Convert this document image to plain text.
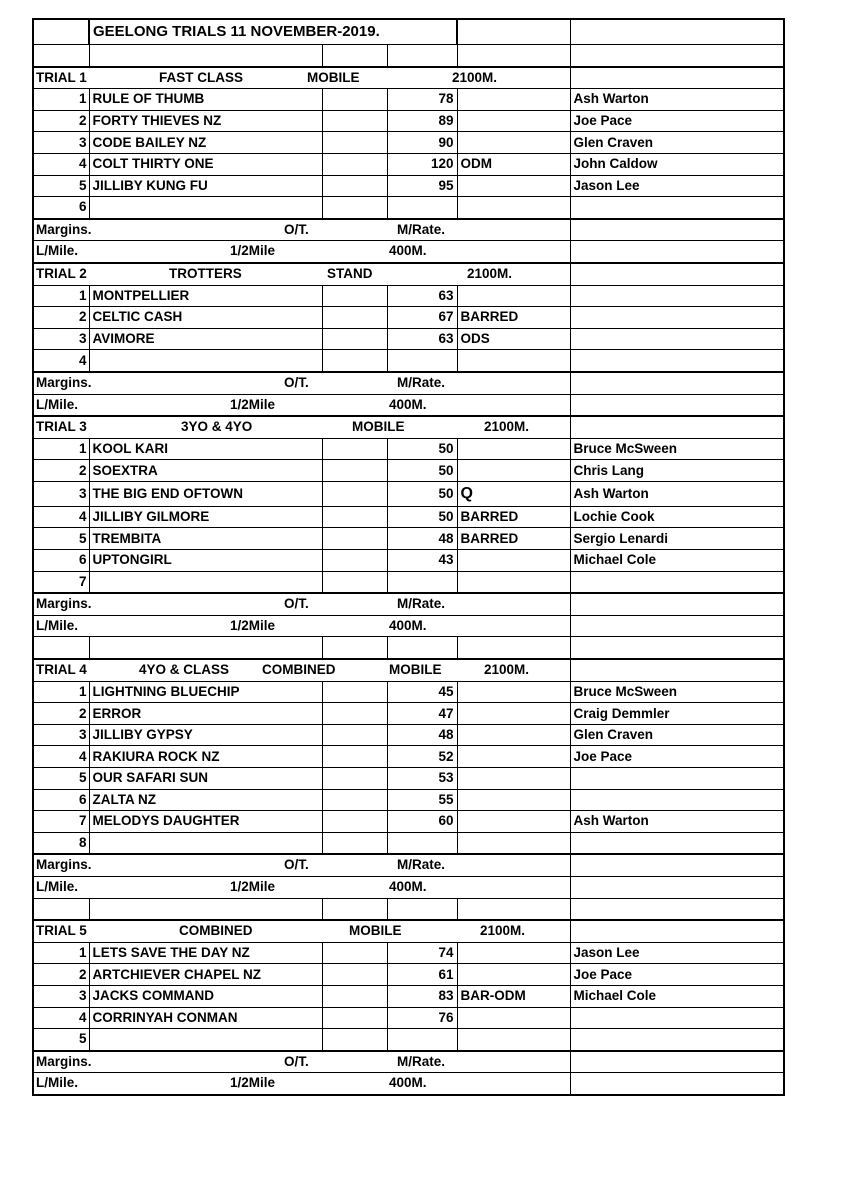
	GEELONG TRIALS 11 NOVEMBER-2019.				

TRIAL 1 FAST CLASS MOBILE 2100M.					

1	RULE OF THUMB		78		Ash Warton
2	FORTY THIEVES NZ		89		Joe Pace
3	CODE BAILEY NZ		90		Glen Craven
4	COLT THIRTY ONE		120	ODM	John Caldow
5	JILLIBY KUNG FU		95		Jason Lee
6					

Margins. O/T. M/Rate.					

L/Mile. 1/2Mile 400M.					

TRIAL 2 TROTTERS STAND 2100M.					

1	MONTPELLIER		63		
2	CELTIC CASH		67	BARRED	
3	AVIMORE		63	ODS	
4					

Margins. O/T. M/Rate.					

L/Mile. 1/2Mile 400M.					

TRIAL 3 3YO & 4YO MOBILE 2100M.					

1	KOOL KARI		50		Bruce McSween
2	SOEXTRA		50		Chris Lang
3	THE BIG END OFTOWN		50	Q	Ash Warton
4	JILLIBY GILMORE		50	BARRED	Lochie Cook
5	TREMBITA		48	BARRED	Sergio Lenardi
6	UPTONGIRL		43		Michael Cole
7					

Margins. O/T. M/Rate.					

L/Mile. 1/2Mile 400M.					

TRIAL 4 4YO & CLASS MOBILE 2100M.
COMBINED					

1	LIGHTNING BLUECHIP		45		Bruce McSween
2	ERROR		47		Craig Demmler
3	JILLIBY GYPSY		48		Glen Craven
4	RAKIURA ROCK NZ		52		Joe Pace
5	OUR SAFARI SUN		53		
6	ZALTA NZ		55		
7	MELODYS DAUGHTER		60		Ash Warton
8					

Margins. O/T. M/Rate.					

L/Mile. 1/2Mile 400M.					

TRIAL 5 COMBINED MOBILE 2100M.					

1	LETS SAVE THE DAY NZ		74		Jason Lee
2	ARTCHIEVER CHAPEL NZ		61		Joe Pace
3	JACKS COMMAND		83	BAR-ODM	Michael Cole
4	CORRINYAH CONMAN		76		
5					

Margins. O/T. M/Rate.					

L/Mile. 1/2Mile 400M.					
